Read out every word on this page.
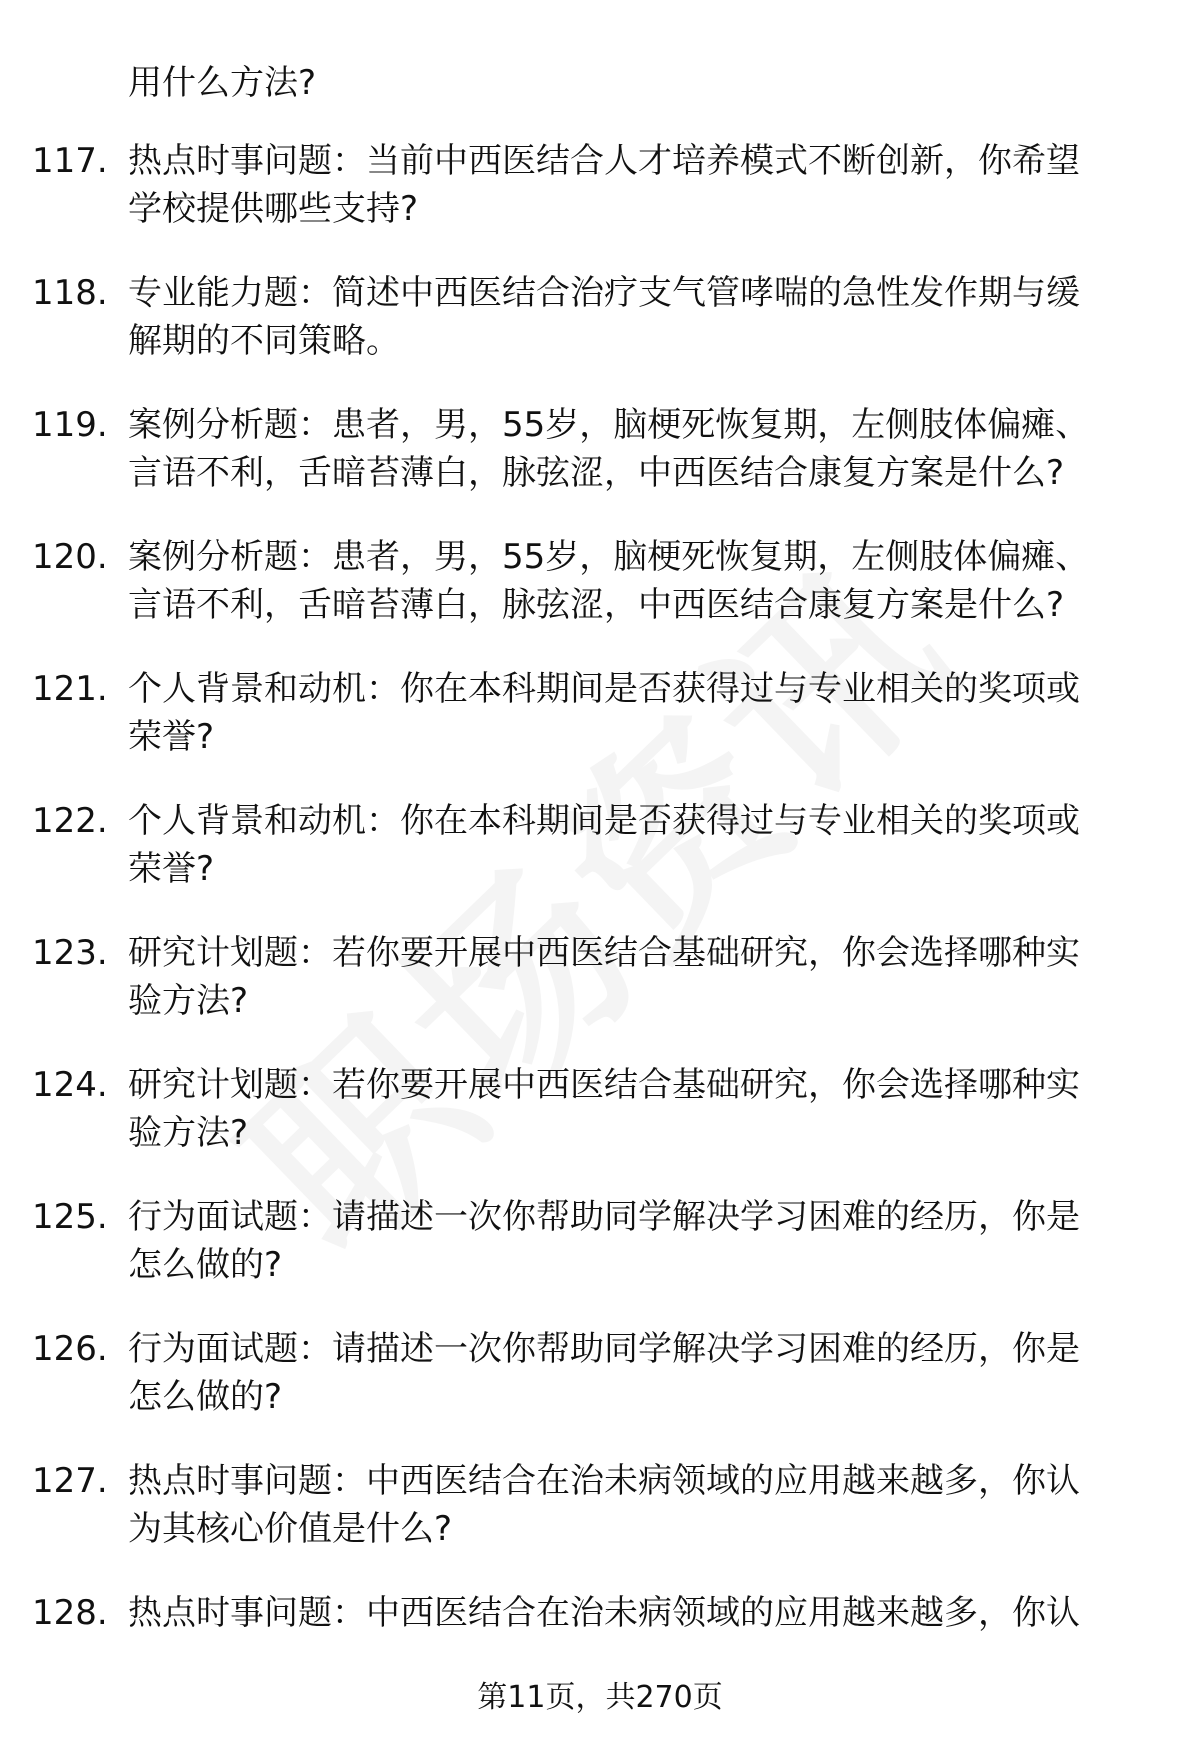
用什么方法?
117. 热点时事问题：当前中西医结合人才培养模式不断创新，你希望
学校提供哪些支持?
118. 专业能力题：简述中西医结合治疗支气管哮喘的急性发作期与缓
解期的不同策略。
119. 案例分析题：患者，男，55岁，脑梗死恢复期，左侧肢体偏瘫、
言语不利，舌暗苔薄白，脉弦涩，中西医结合康复方案是什么?
120. 案例分析题：患者，男，55岁，脑梗死恢复期，左侧肢体偏瘫、
言语不利，舌暗苔薄白，脉弦涩，中西医结合康复方案是什么?
121. 个人背景和动机：你在本科期间是否获得过与专业相关的奖项或
荣誉?
122. 个人背景和动机：你在本科期间是否获得过与专业相关的奖项或
荣誉?
123. 研究计划题：若你要开展中西医结合基础研究，你会选择哪种实
验方法?
124. 研究计划题：若你要开展中西医结合基础研究，你会选择哪种实
验方法?
125. 行为面试题：请描述一次你帮助同学解决学习困难的经历，你是
怎么做的?
126. 行为面试题：请描述一次你帮助同学解决学习困难的经历，你是
怎么做的?
127. 热点时事问题：中西医结合在治未病领域的应用越来越多，你认
为其核心价值是什么?
128. 热点时事问题：中西医结合在治未病领域的应用越来越多，你认
第11页，共270页
